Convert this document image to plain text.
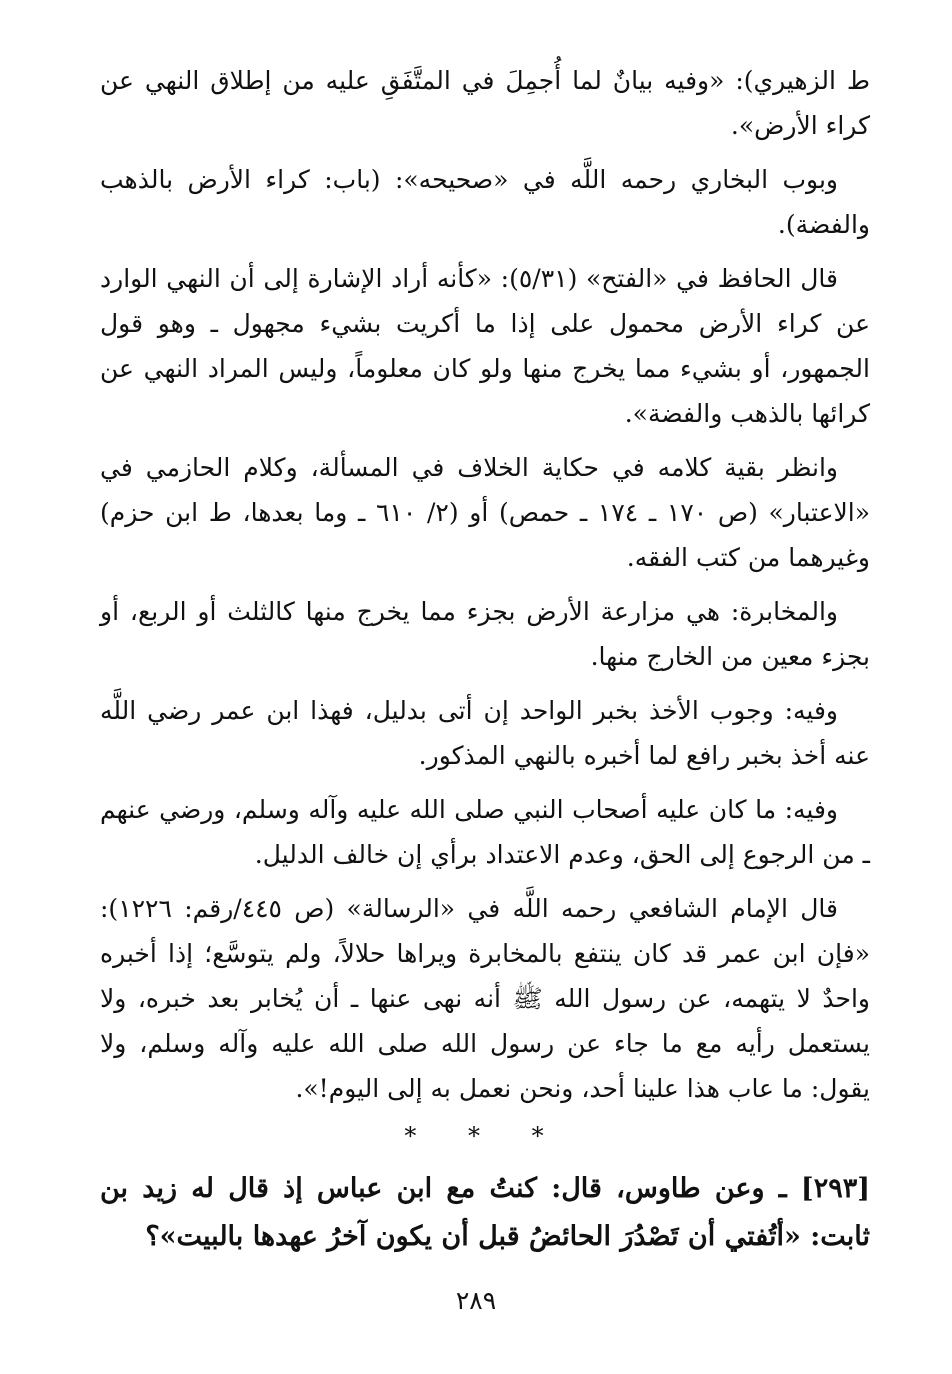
ط الزهيري): «وفيه بيانٌ لما أُجمِلَ في المتَّفَقِ عليه من إطلاق النهي عن كراء الأرض».

وبوب البخاري رحمه اللَّه في «صحيحه»: (باب: كراء الأرض بالذهب والفضة).

قال الحافظ في «الفتح» (٥/٣١): «كأنه أراد الإشارة إلى أن النهي الوارد عن كراء الأرض محمول على إذا ما أكريت بشيء مجهول ـ وهو قول الجمهور، أو بشيء مما يخرج منها ولو كان معلوماً، وليس المراد النهي عن كرائها بالذهب والفضة».

وانظر بقية كلامه في حكاية الخلاف في المسألة، وكلام الحازمي في «الاعتبار» (ص ١٧٠ ـ ١٧٤ ـ حمص) أو (٢/ ٦١٠ ـ وما بعدها، ط ابن حزم) وغيرهما من كتب الفقه.

والمخابرة: هي مزارعة الأرض بجزء مما يخرج منها كالثلث أو الربع، أو بجزء معين من الخارج منها.

وفيه: وجوب الأخذ بخبر الواحد إن أتى بدليل، فهذا ابن عمر رضي اللَّه عنه أخذ بخبر رافع لما أخبره بالنهي المذكور.

وفيه: ما كان عليه أصحاب النبي صلى الله عليه وآله وسلم، ورضي عنهم ـ من الرجوع إلى الحق، وعدم الاعتداد برأي إن خالف الدليل.

قال الإمام الشافعي رحمه اللَّه في «الرسالة» (ص ٤٤٥/رقم: ١٢٢٦): «فإن ابن عمر قد كان ينتفع بالمخابرة ويراها حلالاً، ولم يتوسَّع؛ إذا أخبره واحدٌ لا يتهمه، عن رسول الله ﷺ أنه نهى عنها ـ أن يُخابر بعد خبره، ولا يستعمل رأيه مع ما جاء عن رسول الله صلى الله عليه وآله وسلم، ولا يقول: ما عاب هذا علينا أحد، ونحن نعمل به إلى اليوم!».

* * *

[٢٩٣] ـ وعن طاوس، قال: كنتُ مع ابن عباس إذ قال له زيد بن ثابت: «أتُفتي أن تَصْدُرَ الحائضُ قبل أن يكون آخرُ عهدها بالبيت»؟

٢٨٩
